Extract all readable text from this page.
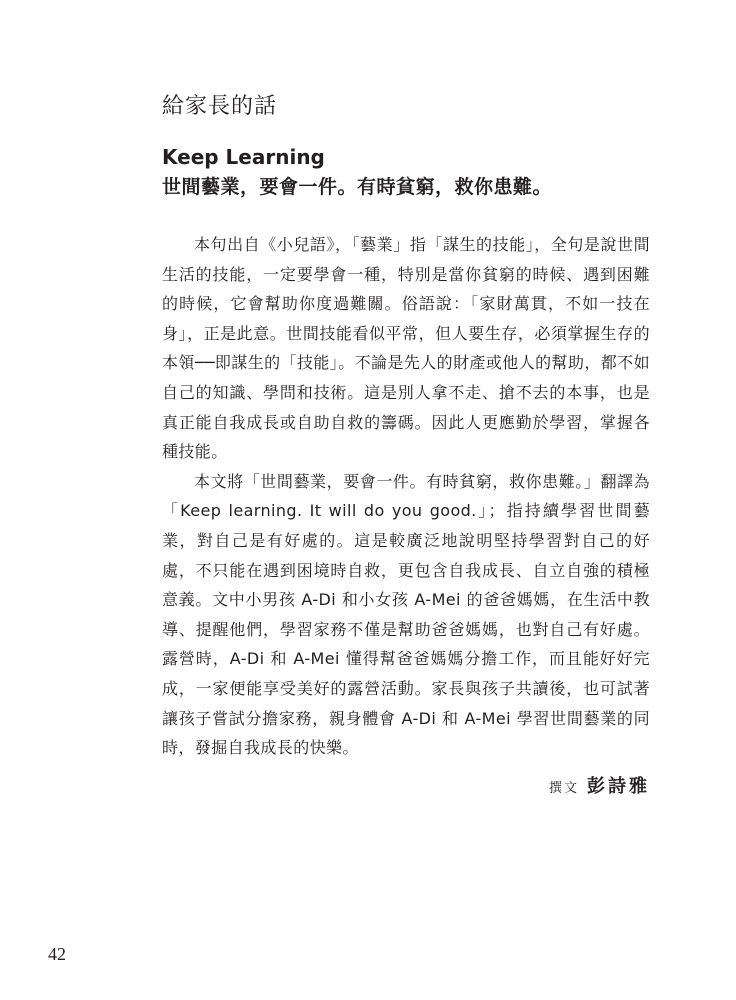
給家長的話
Keep Learning
世間藝業，要會一件。有時貧窮，救你患難。

本句出自《小兒語》，「藝業」指「謀生的技能」，全句是說世間生活的技能，一定要學會一種，特別是當你貧窮的時候、遇到困難的時候，它會幫助你度過難關。俗語說：「家財萬貫，不如一技在身」，正是此意。世間技能看似平常，但人要生存，必須掌握生存的本領──即謀生的「技能」。不論是先人的財產或他人的幫助，都不如自己的知識、學問和技術。這是別人拿不走、搶不去的本事，也是真正能自我成長或自助自救的籌碼。因此人更應勤於學習，掌握各種技能。

本文將「世間藝業，要會一件。有時貧窮，救你患難。」翻譯為「Keep learning. It will do you good.」；指持續學習世間藝業，對自己是有好處的。這是較廣泛地說明堅持學習對自己的好處，不只能在遇到困境時自救，更包含自我成長、自立自強的積極意義。文中小男孩 A-Di 和小女孩 A-Mei 的爸爸媽媽，在生活中教導、提醒他們，學習家務不僅是幫助爸爸媽媽，也對自己有好處。露營時，A-Di 和 A-Mei 懂得幫爸爸媽媽分擔工作，而且能好好完成，一家便能享受美好的露營活動。家長與孩子共讀後，也可試著讓孩子嘗試分擔家務，親身體會 A-Di 和 A-Mei 學習世間藝業的同時，發掘自我成長的快樂。

撰文 彭詩雅
42
